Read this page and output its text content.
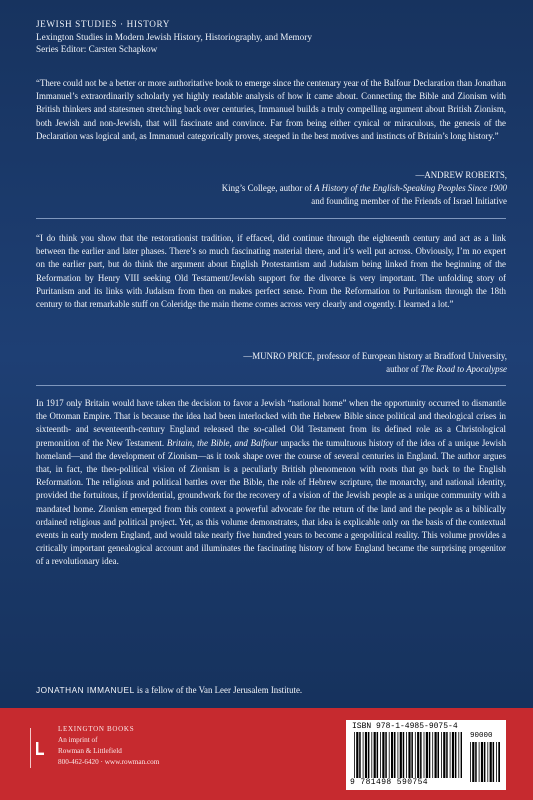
JEWISH STUDIES · HISTORY
Lexington Studies in Modern Jewish History, Historiography, and Memory
Series Editor: Carsten Schapkow
“There could not be a better or more authoritative book to emerge since the centenary year of the Balfour Declaration than Jonathan Immanuel’s extraordinarily scholarly yet highly readable analysis of how it came about. Connecting the Bible and Zionism with British thinkers and statesmen stretching back over centuries, Immanuel builds a truly compelling argument about British Zionism, both Jewish and non-Jewish, that will fascinate and convince. Far from being either cynical or miraculous, the genesis of the Declaration was logical and, as Immanuel categorically proves, steeped in the best motives and instincts of Britain’s long history.”
—ANDREW ROBERTS,
King’s College, author of A History of the English-Speaking Peoples Since 1900
and founding member of the Friends of Israel Initiative
“I do think you show that the restorationist tradition, if effaced, did continue through the eighteenth century and act as a link between the earlier and later phases. There’s so much fascinating material there, and it’s well put across. Obviously, I’m no expert on the earlier part, but do think the argument about English Protestantism and Judaism being linked from the beginning of the Reformation by Henry VIII seeking Old Testament/Jewish support for the divorce is very important. The unfolding story of Puritanism and its links with Judaism from then on makes perfect sense. From the Reformation to Puritanism through the 18th century to that remarkable stuff on Coleridge the main theme comes across very clearly and cogently. I learned a lot.”
—MUNRO PRICE, professor of European history at Bradford University,
author of The Road to Apocalypse
In 1917 only Britain would have taken the decision to favor a Jewish “national home” when the opportunity occurred to dismantle the Ottoman Empire. That is because the idea had been interlocked with the Hebrew Bible since political and theological crises in sixteenth- and seventeenth-century England released the so-called Old Testament from its defined role as a Christological premonition of the New Testament. Britain, the Bible, and Balfour unpacks the tumultuous history of the idea of a unique Jewish homeland—and the development of Zionism—as it took shape over the course of several centuries in England. The author argues that, in fact, the theo-political vision of Zionism is a peculiarly British phenomenon with roots that go back to the English Reformation. The religious and political battles over the Bible, the role of Hebrew scripture, the monarchy, and national identity, provided the fortuitous, if providential, groundwork for the recovery of a vision of the Jewish people as a unique community with a mandated home. Zionism emerged from this context a powerful advocate for the return of the land and the people as a biblically ordained religious and political project. Yet, as this volume demonstrates, that idea is explicable only on the basis of the contextual events in early modern England, and would take nearly five hundred years to become a geopolitical reality. This volume provides a critically important genealogical account and illuminates the fascinating history of how England became the surprising progenitor of a revolutionary idea.
JONATHAN IMMANUEL is a fellow of the Van Leer Jerusalem Institute.
LEXINGTON BOOKS
An imprint of
Rowman & Littlefield
800-462-6420 · www.rowman.com
ISBN 978-1-4985-9075-4
90000
9 781498 590754
